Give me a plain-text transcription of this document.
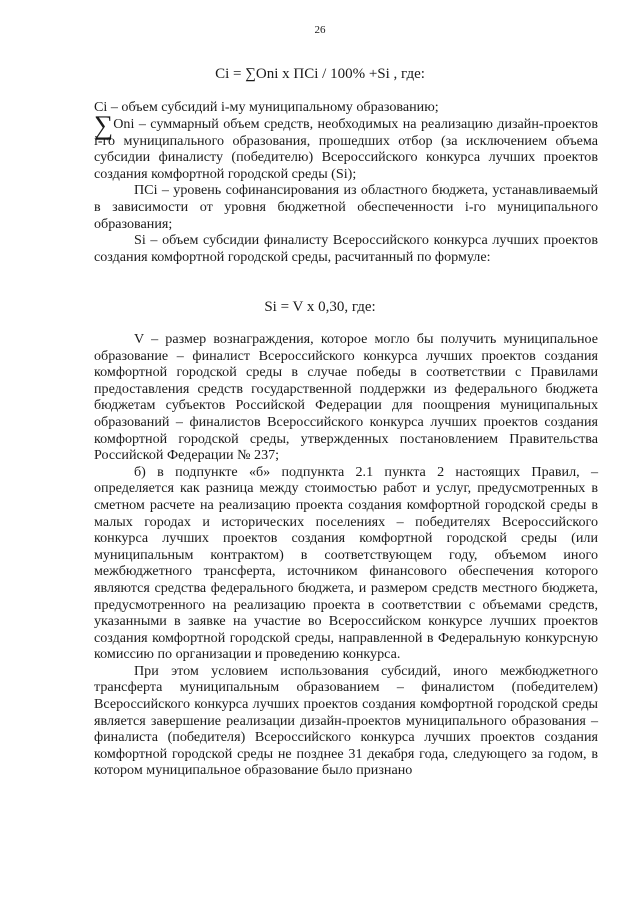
26
Ci = ∑Oni x ПCi / 100% +Si , где:

Ci – объем субсидий i-му муниципальному образованию;

∑Oni – суммарный объем средств, необходимых на реализацию дизайн-проектов i-го муниципального образования, прошедших отбор (за исключением объема субсидии финалисту (победителю) Всероссийского конкурса лучших проектов создания комфортной городской среды (Si);

ПCi – уровень софинансирования из областного бюджета, устанавливаемый в зависимости от уровня бюджетной обеспеченности i-го муниципального образования;

Si – объем субсидии финалисту Всероссийского конкурса лучших проектов создания комфортной городской среды, расчитанный по формуле:

Si = V x 0,30, где:

V – размер вознаграждения, которое могло бы получить муниципальное образование – финалист Всероссийского конкурса лучших проектов создания комфортной городской среды в случае победы в соответствии с Правилами предоставления средств государственной поддержки из федерального бюджета бюджетам субъектов Российской Федерации для поощрения муниципальных образований – финалистов Всероссийского конкурса лучших проектов создания комфортной городской среды, утвержденных постановлением Правительства Российской Федерации № 237;

б) в подпункте «б» подпункта 2.1 пункта 2 настоящих Правил, – определяется как разница между стоимостью работ и услуг, предусмотренных в сметном расчете на реализацию проекта создания комфортной городской среды в малых городах и исторических поселениях – победителях Всероссийского конкурса лучших проектов создания комфортной городской среды (или муниципальным контрактом) в соответствующем году, объемом иного межбюджетного трансферта, источником финансового обеспечения которого являются средства федерального бюджета, и размером средств местного бюджета, предусмотренного на реализацию проекта в соответствии с объемами средств, указанными в заявке на участие во Всероссийском конкурсе лучших проектов создания комфортной городской среды, направленной в Федеральную конкурсную комиссию по организации и проведению конкурса.

При этом условием использования субсидий, иного межбюджетного трансферта муниципальным образованием – финалистом (победителем) Всероссийского конкурса лучших проектов создания комфортной городской среды является завершение реализации дизайн-проектов муниципального образования – финалиста (победителя) Всероссийского конкурса лучших проектов создания комфортной городской среды не позднее 31 декабря года, следующего за годом, в котором муниципальное образование было признано
